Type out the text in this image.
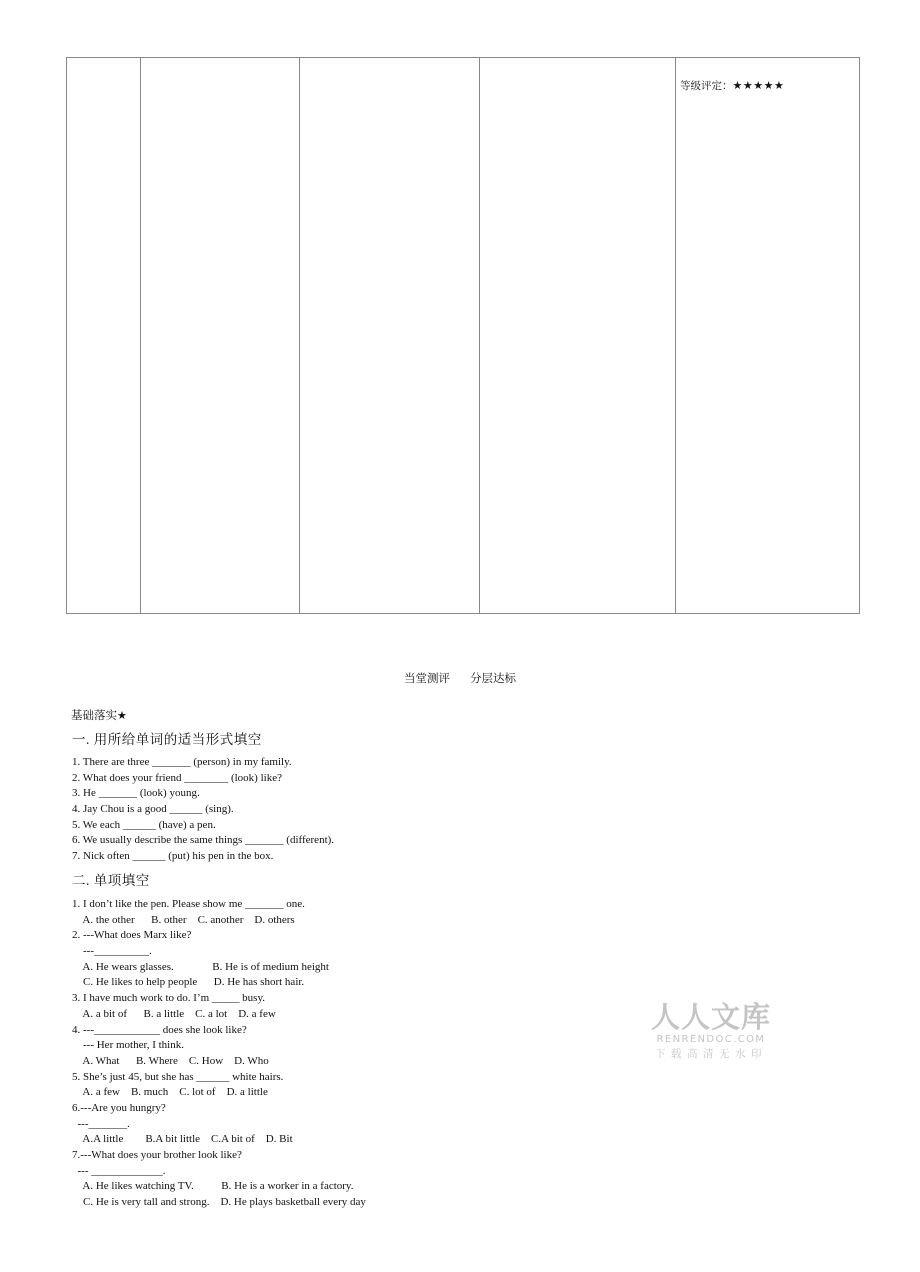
等级评定：★★★★★
当堂测评 分层达标
基础落实★
一. 用所给单词的适当形式填空
1. There are three _______ (person) in my family.
2. What does your friend ________ (look) like?
3. He _______ (look) young.
4. Jay Chou is a good ______ (sing).
5. We each ______ (have) a pen.
6. We usually describe the same things _______ (different).
7. Nick often ______ (put) his pen in the box.
二. 单项填空
1. I don’t like the pen. Please show me _______ one.
A. the other      B. other    C. another    D. others
2. ---What does Marx like?
---__________.
A. He wears glasses.              B. He is of medium height
C. He likes to help people      D. He has short hair.
3. I have much work to do. I’m _____ busy.
A. a bit of      B. a little    C. a lot    D. a few
4. ---____________ does she look like?
--- Her mother, I think.
A. What      B. Where    C. How    D. Who
5. She’s just 45, but she has ______ white hairs.
A. a few    B. much    C. lot of    D. a little
6.---Are you hungry?
---_______.
A.A little        B.A bit little    C.A bit of    D. Bit
7.---What does your brother look like?
--- _____________.
A. He likes watching TV.          B. He is a worker in a factory.
C. He is very tall and strong.    D. He plays basketball every day
人人文库
RENRENDOC.COM
下载高清无水印
